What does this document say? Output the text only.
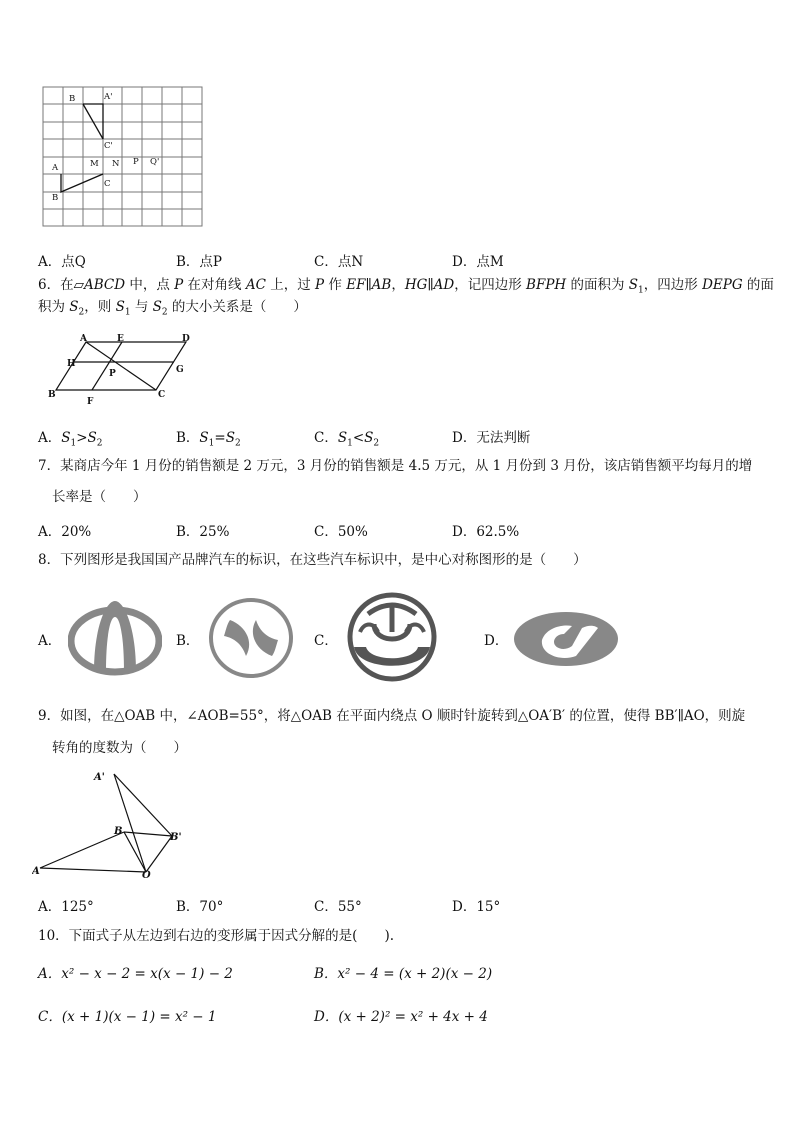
B	A'
C'
A	M N P Q'
C
B
A．点Q	B．点P	C．点N	D．点M
6．在▱ABCD 中，点 P 在对角线 AC 上，过 P 作 EF∥AB，HG∥AD，记四边形 BFPH 的面积为 $S_1$，四边形 DEPG 的面
积为 $S_2$，则 $S_1$ 与 $S_2$ 的大小关系是（　　）
A	E	D
H
P	G
B
F
C
A．$S_1>S_2$	B．$S_1=S_2$	C．$S_1<S_2$	D．无法判断
7．某商店今年 1 月份的销售额是 2 万元，3 月份的销售额是 4.5 万元，从 1 月份到 3 月份，该店销售额平均每月的增
长率是（　　）
A．20%	B．25%	C．50%	D．62.5%
8．下列图形是我国国产品牌汽车的标识，在这些汽车标识中，是中心对称图形的是（　　）
A．	B．	C．	D．
9．如图，在△OAB 中，∠AOB=55°，将△OAB 在平面内绕点 O 顺时针旋转到△OA′B′ 的位置，使得 BB′∥AO，则旋
转角的度数为（　　）
A'
B
B'
A	O
A．125°	B．70°	C．55°	D．15°
10．下面式子从左边到右边的变形属于因式分解的是(　　).
A．x² − x − 2 = x(x − 1) − 2	B．x² − 4 = (x + 2)(x − 2)
C．(x + 1)(x − 1) = x² − 1	D．(x + 2)² = x² + 4x + 4
